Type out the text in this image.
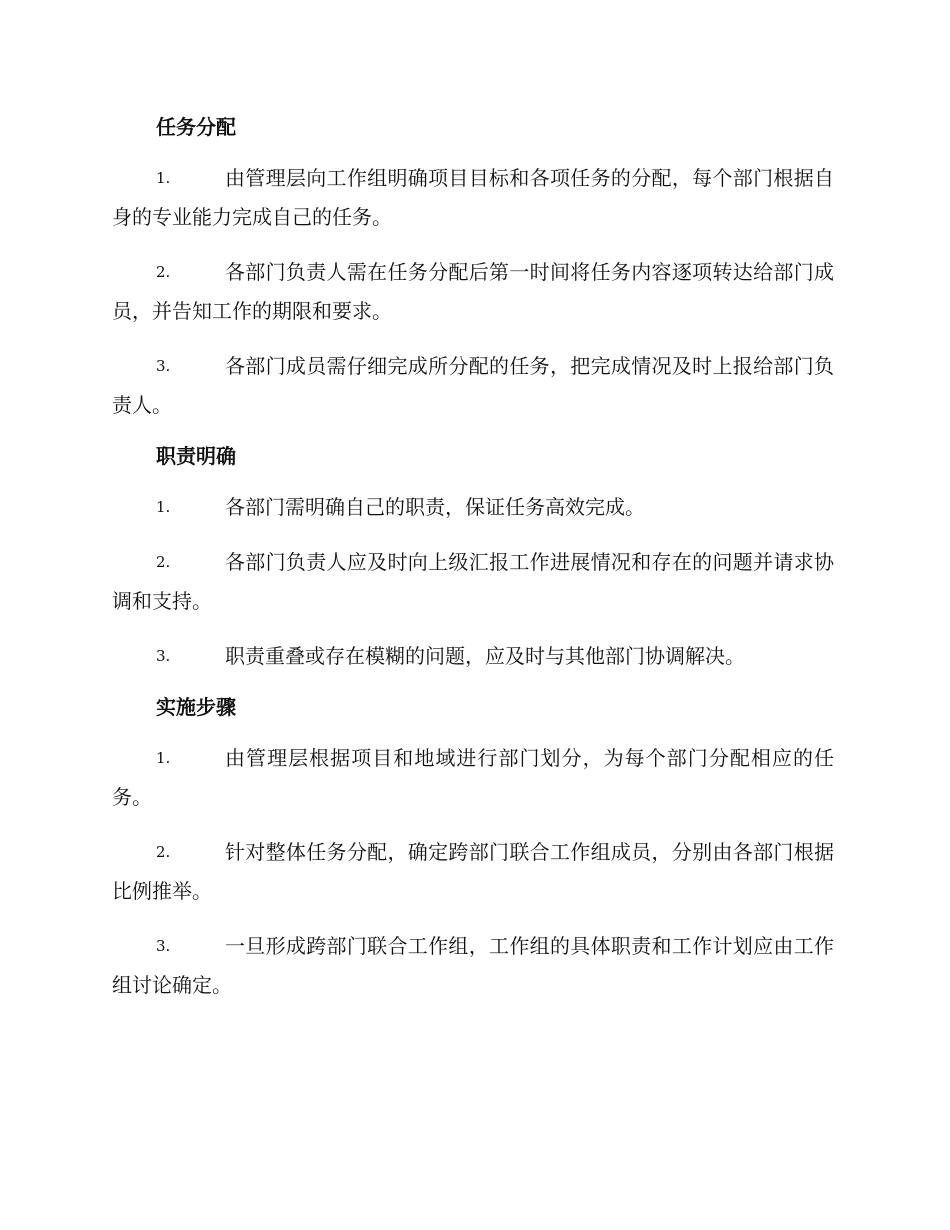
任务分配

1.	由管理层向工作组明确项目目标和各项任务的分配，每个部门根据自身的专业能力完成自己的任务。

2.	各部门负责人需在任务分配后第一时间将任务内容逐项转达给部门成员，并告知工作的期限和要求。

3.	各部门成员需仔细完成所分配的任务，把完成情况及时上报给部门负责人。

职责明确

1.	各部门需明确自己的职责，保证任务高效完成。

2.	各部门负责人应及时向上级汇报工作进展情况和存在的问题并请求协调和支持。

3.	职责重叠或存在模糊的问题，应及时与其他部门协调解决。

实施步骤

1.	由管理层根据项目和地域进行部门划分，为每个部门分配相应的任务。

2.	针对整体任务分配，确定跨部门联合工作组成员，分别由各部门根据比例推举。

3.	一旦形成跨部门联合工作组，工作组的具体职责和工作计划应由工作组讨论确定。
